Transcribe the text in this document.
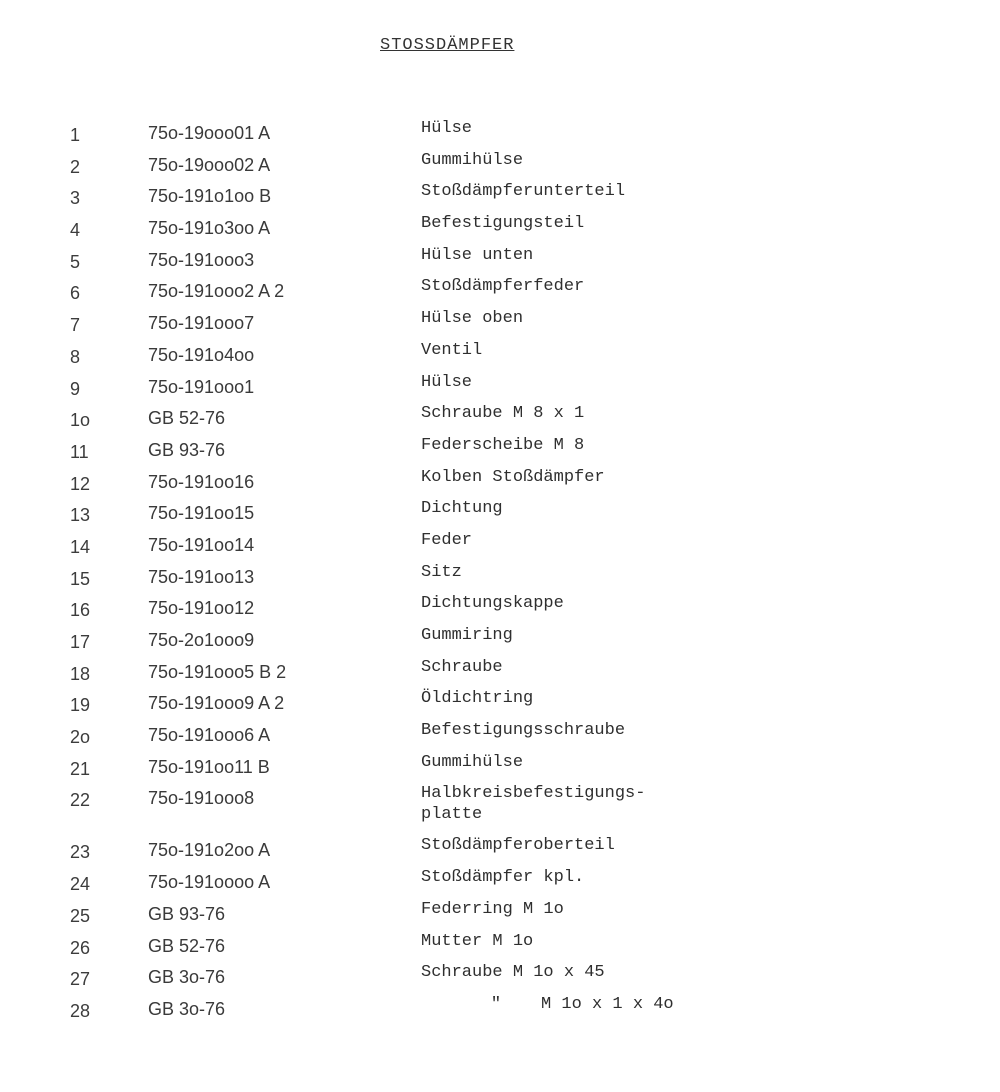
STOSSDÄMPFER
1	75o-19ooo01 A	Hülse
2	75o-19ooo02 A	Gummihülse
3	75o-191o1oo B	Stoßdämpferunterteil
4	75o-191o3oo A	Befestigungsteil
5	75o-191ooo3	Hülse unten
6	75o-191ooo2 A 2	Stoßdämpferfeder
7	75o-191ooo7	Hülse oben
8	75o-191o4oo	Ventil
9	75o-191ooo1	Hülse
1o	GB 52-76	Schraube M 8 x 1
11	GB 93-76	Federscheibe M 8
12	75o-191oo16	Kolben Stoßdämpfer
13	75o-191oo15	Dichtung
14	75o-191oo14	Feder
15	75o-191oo13	Sitz
16	75o-191oo12	Dichtungskappe
17	75o-2o1ooo9	Gummiring
18	75o-191ooo5 B 2	Schraube
19	75o-191ooo9 A 2	Öldichtring
2o	75o-191ooo6 A	Befestigungsschraube
21	75o-191oo11 B	Gummihülse
22	75o-191ooo8	Halbkreisbefestigungs-
platte
23	75o-191o2oo A	Stoßdämpferoberteil
24	75o-191oooo A	Stoßdämpfer kpl.
25	GB 93-76	Federring M 1o
26	GB 52-76	Mutter M 1o
27	GB 3o-76	Schraube M 1o x 45
28	GB 3o-76	" M 1o x 1 x 4o
